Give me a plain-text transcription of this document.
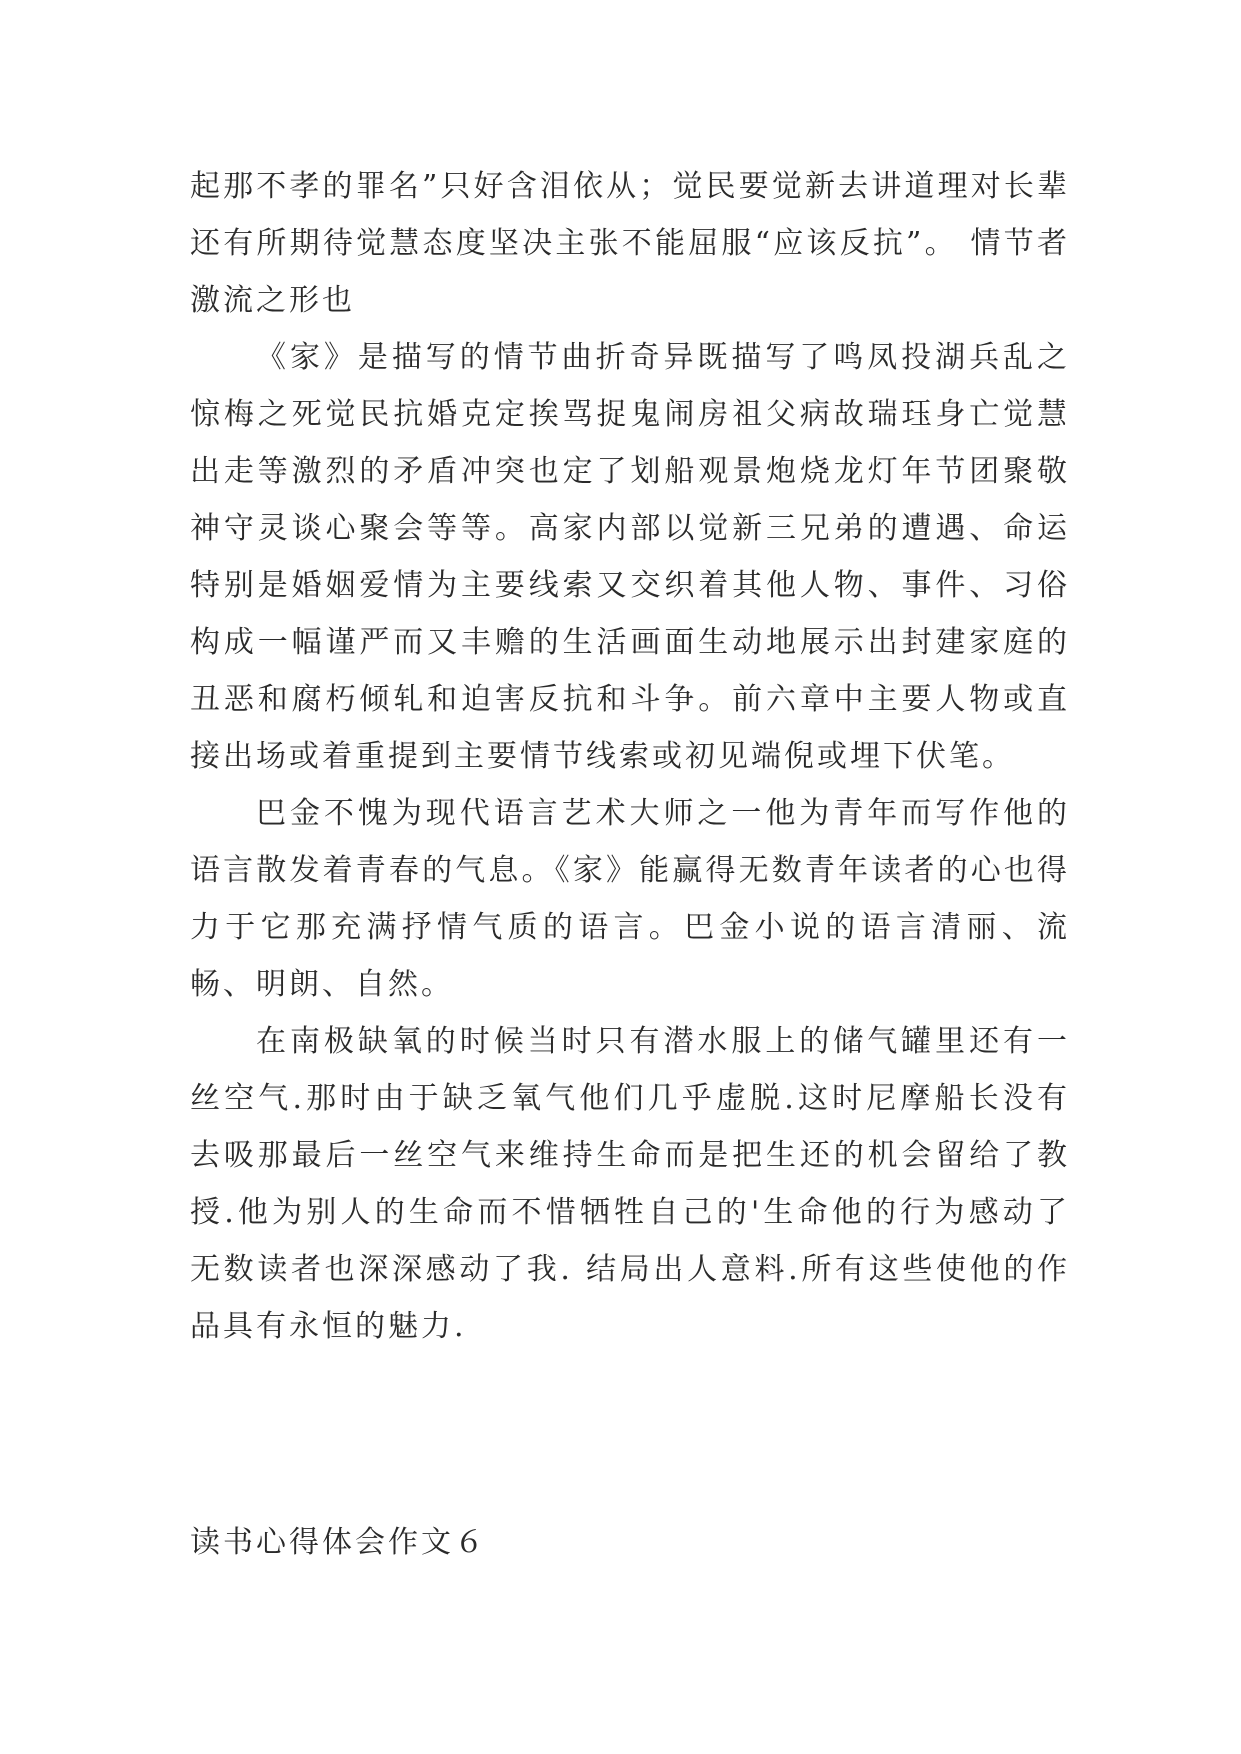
起那不孝的罪名”只好含泪依从；觉民要觉新去讲道理对长辈还有所期待觉慧态度坚决主张不能屈服“应该反抗”。 情节者激流之形也

《家》是描写的情节曲折奇异既描写了鸣凤投湖兵乱之惊梅之死觉民抗婚克定挨骂捉鬼闹房祖父病故瑞珏身亡觉慧出走等激烈的矛盾冲突也定了划船观景炮烧龙灯年节团聚敬神守灵谈心聚会等等。高家内部以觉新三兄弟的遭遇、命运特别是婚姻爱情为主要线索又交织着其他人物、事件、习俗构成一幅谨严而又丰赡的生活画面生动地展示出封建家庭的丑恶和腐朽倾轧和迫害反抗和斗争。前六章中主要人物或直接出场或着重提到主要情节线索或初见端倪或埋下伏笔。

巴金不愧为现代语言艺术大师之一他为青年而写作他的语言散发着青春的气息。《家》能赢得无数青年读者的心也得力于它那充满抒情气质的语言。巴金小说的语言清丽、流畅、明朗、自然。

在南极缺氧的时候当时只有潜水服上的储气罐里还有一丝空气.那时由于缺乏氧气他们几乎虚脱.这时尼摩船长没有去吸那最后一丝空气来维持生命而是把生还的机会留给了教授.他为别人的生命而不惜牺牲自己的'生命他的行为感动了无数读者也深深感动了我. 结局出人意料.所有这些使他的作品具有永恒的魅力.

读书心得体会作文６
